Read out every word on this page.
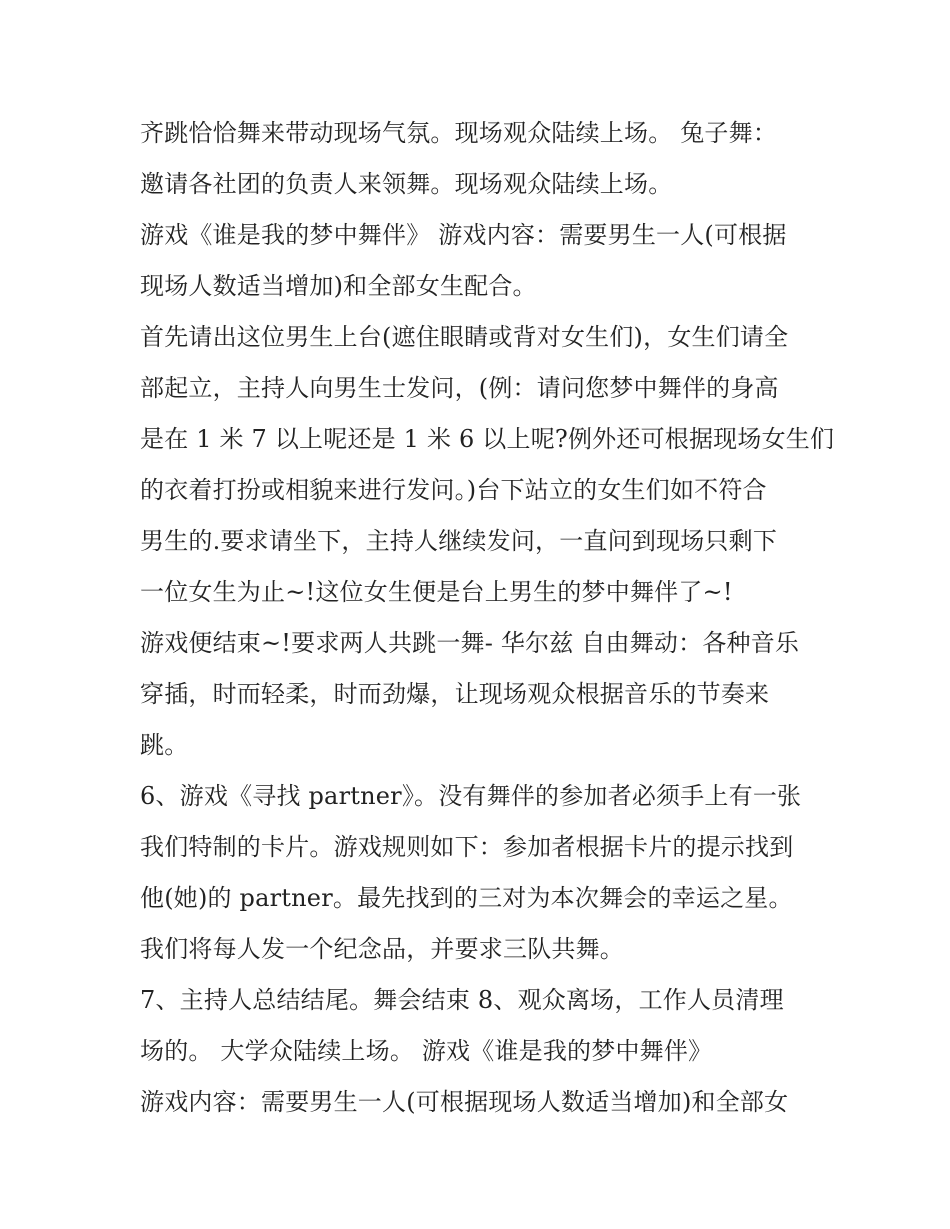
齐跳恰恰舞来带动现场气氛。现场观众陆续上场。 兔子舞：
邀请各社团的负责人来领舞。现场观众陆续上场。
游戏《谁是我的梦中舞伴》 游戏内容：需要男生一人(可根据
现场人数适当增加)和全部女生配合。
首先请出这位男生上台(遮住眼睛或背对女生们)，女生们请全
部起立，主持人向男生士发问，(例：请问您梦中舞伴的身高
是在 1 米 7 以上呢还是 1 米 6 以上呢?例外还可根据现场女生们
的衣着打扮或相貌来进行发问。)台下站立的女生们如不符合
男生的.要求请坐下，主持人继续发问，一直问到现场只剩下
一位女生为止~!这位女生便是台上男生的梦中舞伴了~!
游戏便结束~!要求两人共跳一舞- 华尔兹 自由舞动：各种音乐
穿插，时而轻柔，时而劲爆，让现场观众根据音乐的节奏来
跳。
6、游戏《寻找 partner》。没有舞伴的参加者必须手上有一张
我们特制的卡片。游戏规则如下：参加者根据卡片的提示找到
他(她)的 partner。最先找到的三对为本次舞会的幸运之星。
我们将每人发一个纪念品，并要求三队共舞。
7、主持人总结结尾。舞会结束 8、观众离场，工作人员清理
场的。 大学众陆续上场。 游戏《谁是我的梦中舞伴》
游戏内容：需要男生一人(可根据现场人数适当增加)和全部女
